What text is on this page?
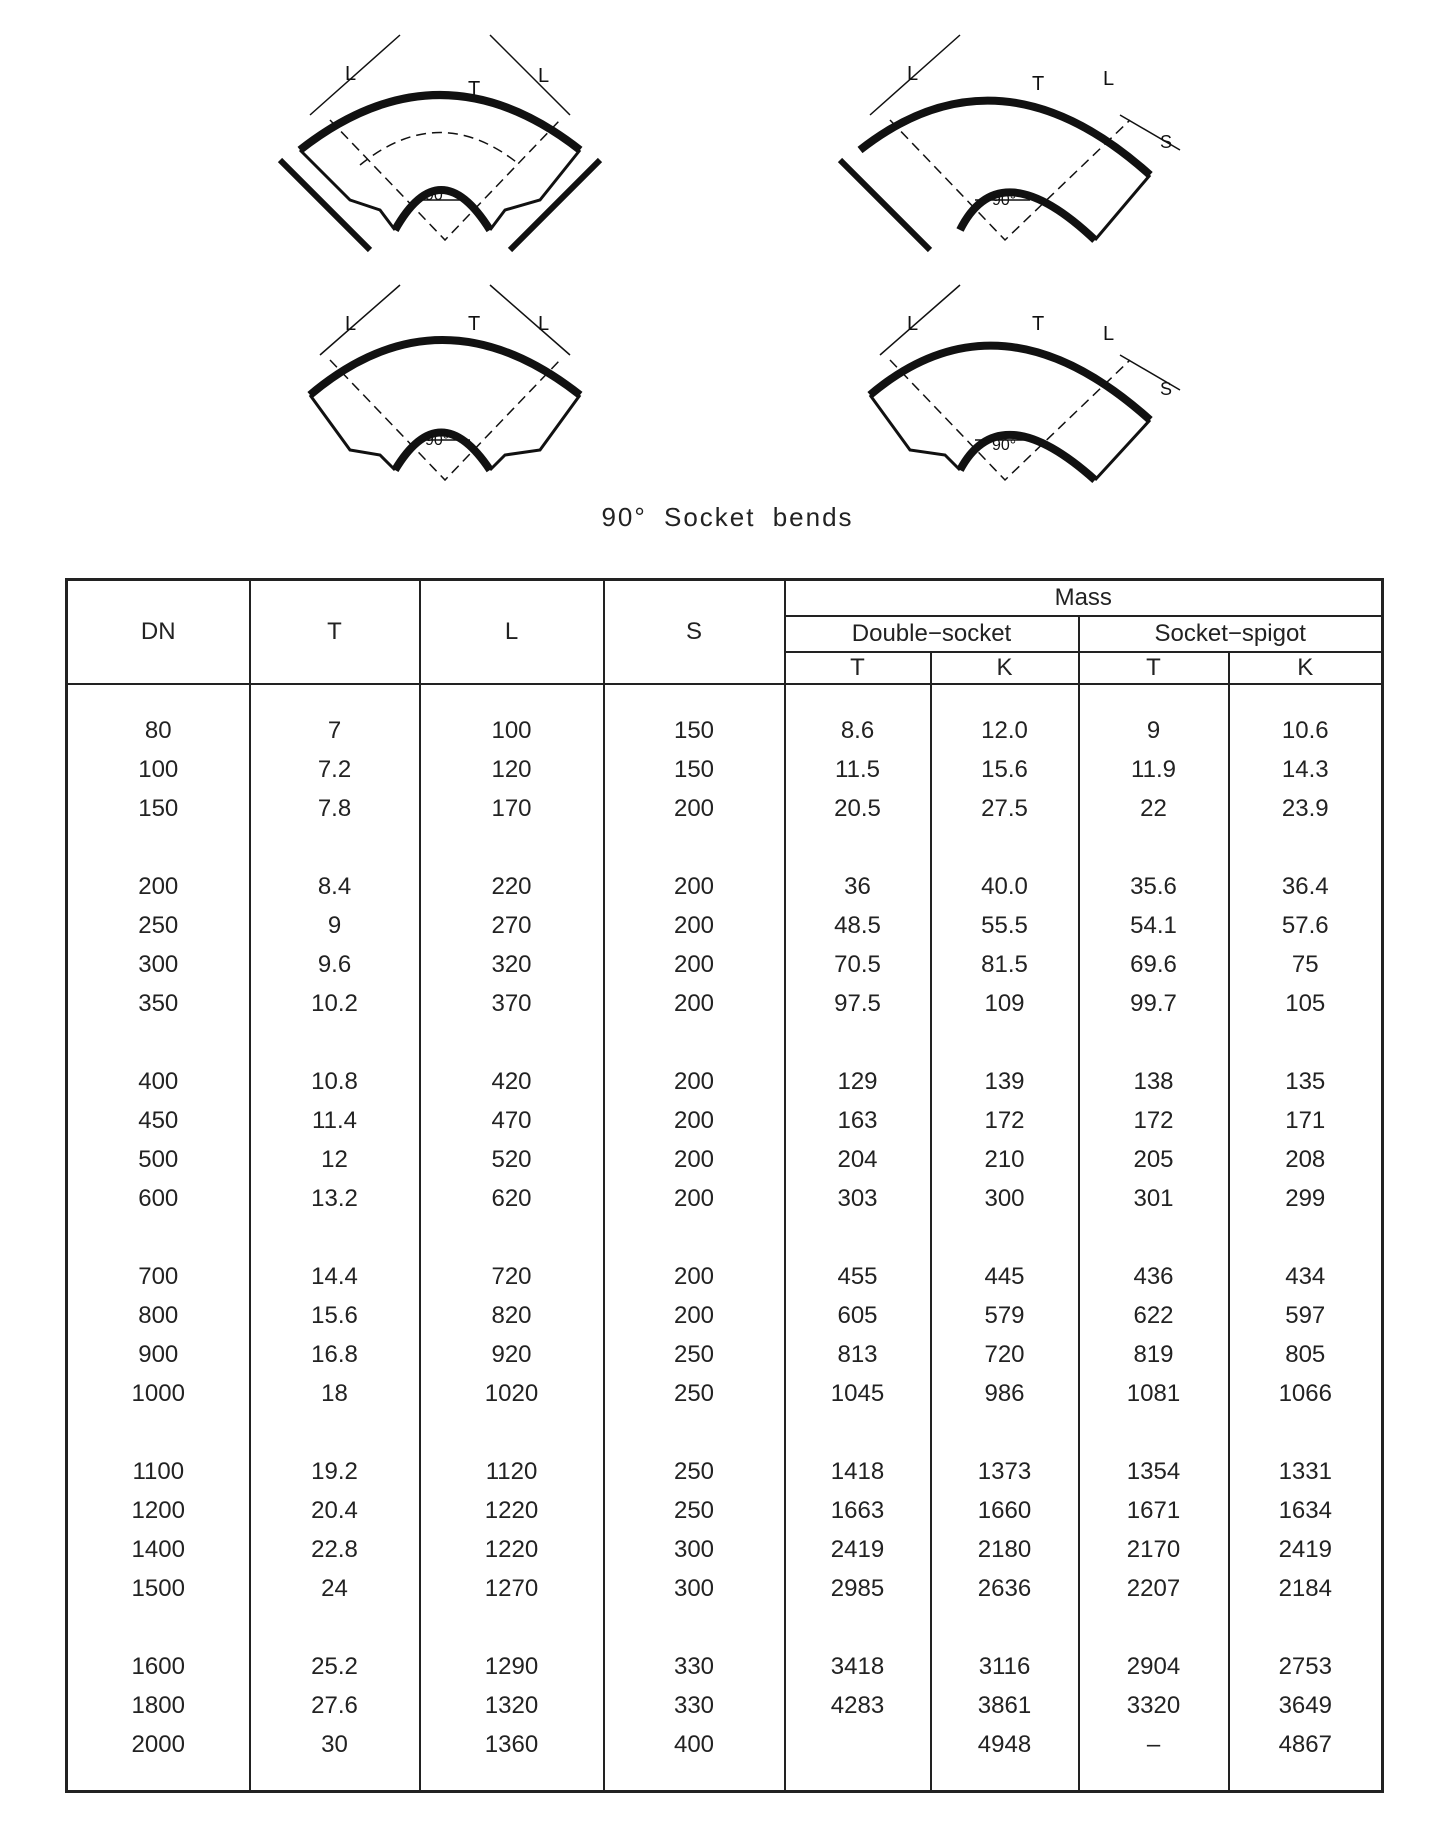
L	L
T
90°
L	L
T
S
90°
L	L
T
90°
L	L
T
S
90°
90° Socket bends
DN	T	L	S	Mass			
				Double−socket		Socket−spigot	
				T	K	T	K

80	7	100	150	8.6	12.0	9	10.6
100	7.2	120	150	11.5	15.6	11.9	14.3
150	7.8	170	200	20.5	27.5	22	23.9

200	8.4	220	200	36	40.0	35.6	36.4
250	9	270	200	48.5	55.5	54.1	57.6
300	9.6	320	200	70.5	81.5	69.6	75
350	10.2	370	200	97.5	109	99.7	105

400	10.8	420	200	129	139	138	135
450	11.4	470	200	163	172	172	171
500	12	520	200	204	210	205	208
600	13.2	620	200	303	300	301	299

700	14.4	720	200	455	445	436	434
800	15.6	820	200	605	579	622	597
900	16.8	920	250	813	720	819	805
1000	18	1020	250	1045	986	1081	1066

1100	19.2	1120	250	1418	1373	1354	1331
1200	20.4	1220	250	1663	1660	1671	1634
1400	22.8	1220	300	2419	2180	2170	2419
1500	24	1270	300	2985	2636	2207	2184

1600	25.2	1290	330	3418	3116	2904	2753
1800	27.6	1320	330	4283	3861	3320	3649
2000	30	1360	400		4948	–	4867
